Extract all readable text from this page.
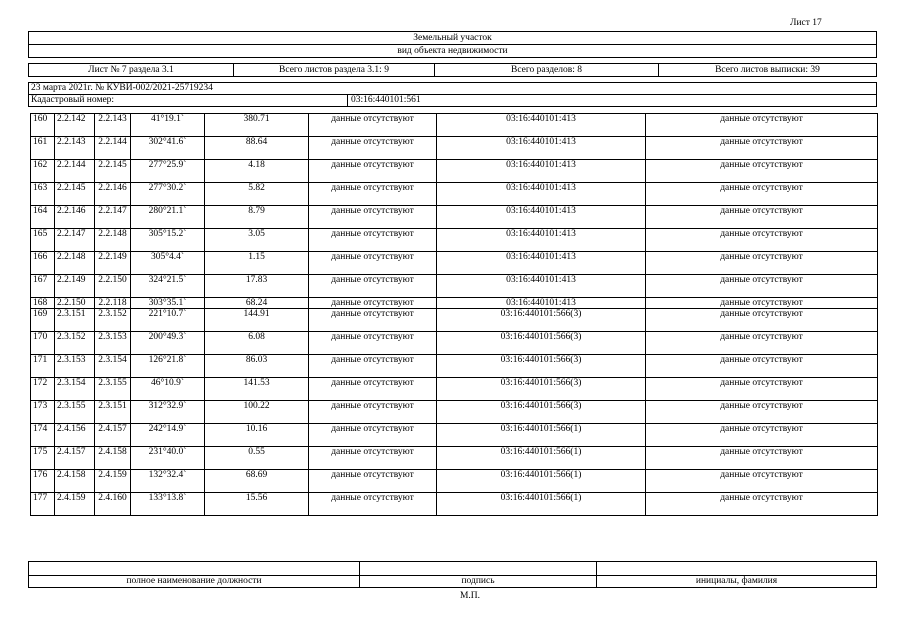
Лист 17
Земельный участок
вид объекта недвижимости
Лист № 7 раздела 3.1	Всего листов раздела 3.1: 9	Всего разделов: 8	Всего листов выписки: 39
23 марта 2021г. № КУВИ-002/2021-25719234
Кадастровый номер:	03:16:440101:561
160	2.2.142	2.2.143	41°19.1`	380.71	данные отсутствуют	03:16:440101:413	данные отсутствуют
161	2.2.143	2.2.144	302°41.6`	88.64	данные отсутствуют	03:16:440101:413	данные отсутствуют
162	2.2.144	2.2.145	277°25.9`	4.18	данные отсутствуют	03:16:440101:413	данные отсутствуют
163	2.2.145	2.2.146	277°30.2`	5.82	данные отсутствуют	03:16:440101:413	данные отсутствуют
164	2.2.146	2.2.147	280°21.1`	8.79	данные отсутствуют	03:16:440101:413	данные отсутствуют
165	2.2.147	2.2.148	305°15.2`	3.05	данные отсутствуют	03:16:440101:413	данные отсутствуют
166	2.2.148	2.2.149	305°4.4`	1.15	данные отсутствуют	03:16:440101:413	данные отсутствуют
167	2.2.149	2.2.150	324°21.5`	17.83	данные отсутствуют	03:16:440101:413	данные отсутствуют
168	2.2.150	2.2.118	303°35.1`	68.24	данные отсутствуют	03:16:440101:413	данные отсутствуют
169	2.3.151	2.3.152	221°10.7`	144.91	данные отсутствуют	03:16:440101:566(3)	данные отсутствуют
170	2.3.152	2.3.153	200°49.3`	6.08	данные отсутствуют	03:16:440101:566(3)	данные отсутствуют
171	2.3.153	2.3.154	126°21.8`	86.03	данные отсутствуют	03:16:440101:566(3)	данные отсутствуют
172	2.3.154	2.3.155	46°10.9`	141.53	данные отсутствуют	03:16:440101:566(3)	данные отсутствуют
173	2.3.155	2.3.151	312°32.9`	100.22	данные отсутствуют	03:16:440101:566(3)	данные отсутствуют
174	2.4.156	2.4.157	242°14.9`	10.16	данные отсутствуют	03:16:440101:566(1)	данные отсутствуют
175	2.4.157	2.4.158	231°40.0`	0.55	данные отсутствуют	03:16:440101:566(1)	данные отсутствуют
176	2.4.158	2.4.159	132°32.4`	68.69	данные отсутствуют	03:16:440101:566(1)	данные отсутствуют
177	2.4.159	2.4.160	133°13.8`	15.56	данные отсутствуют	03:16:440101:566(1)	данные отсутствуют
полное наименование должности	подпись	инициалы, фамилия
М.П.
